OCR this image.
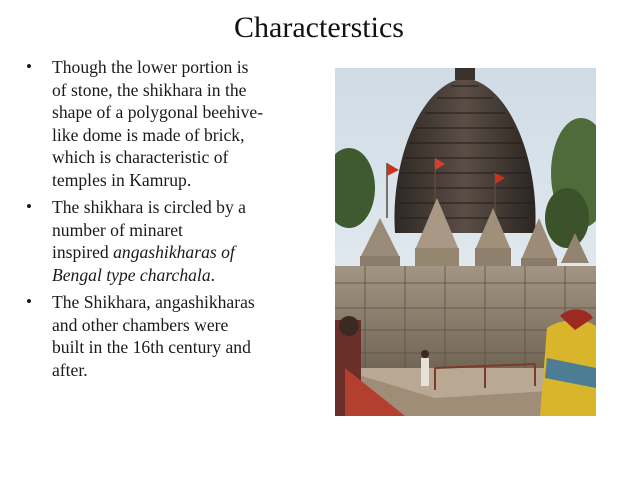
Characterstics
• Though the lower portion is
of stone, the shikhara in the
shape of a polygonal beehive-
like dome is made of brick,
which is characteristic of
temples in Kamrup.
• The shikhara is circled by a
number of minaret
inspired angashikharas of
Bengal type charchala.
• The Shikhara, angashikharas
and other chambers were
built in the 16th century and
after.
